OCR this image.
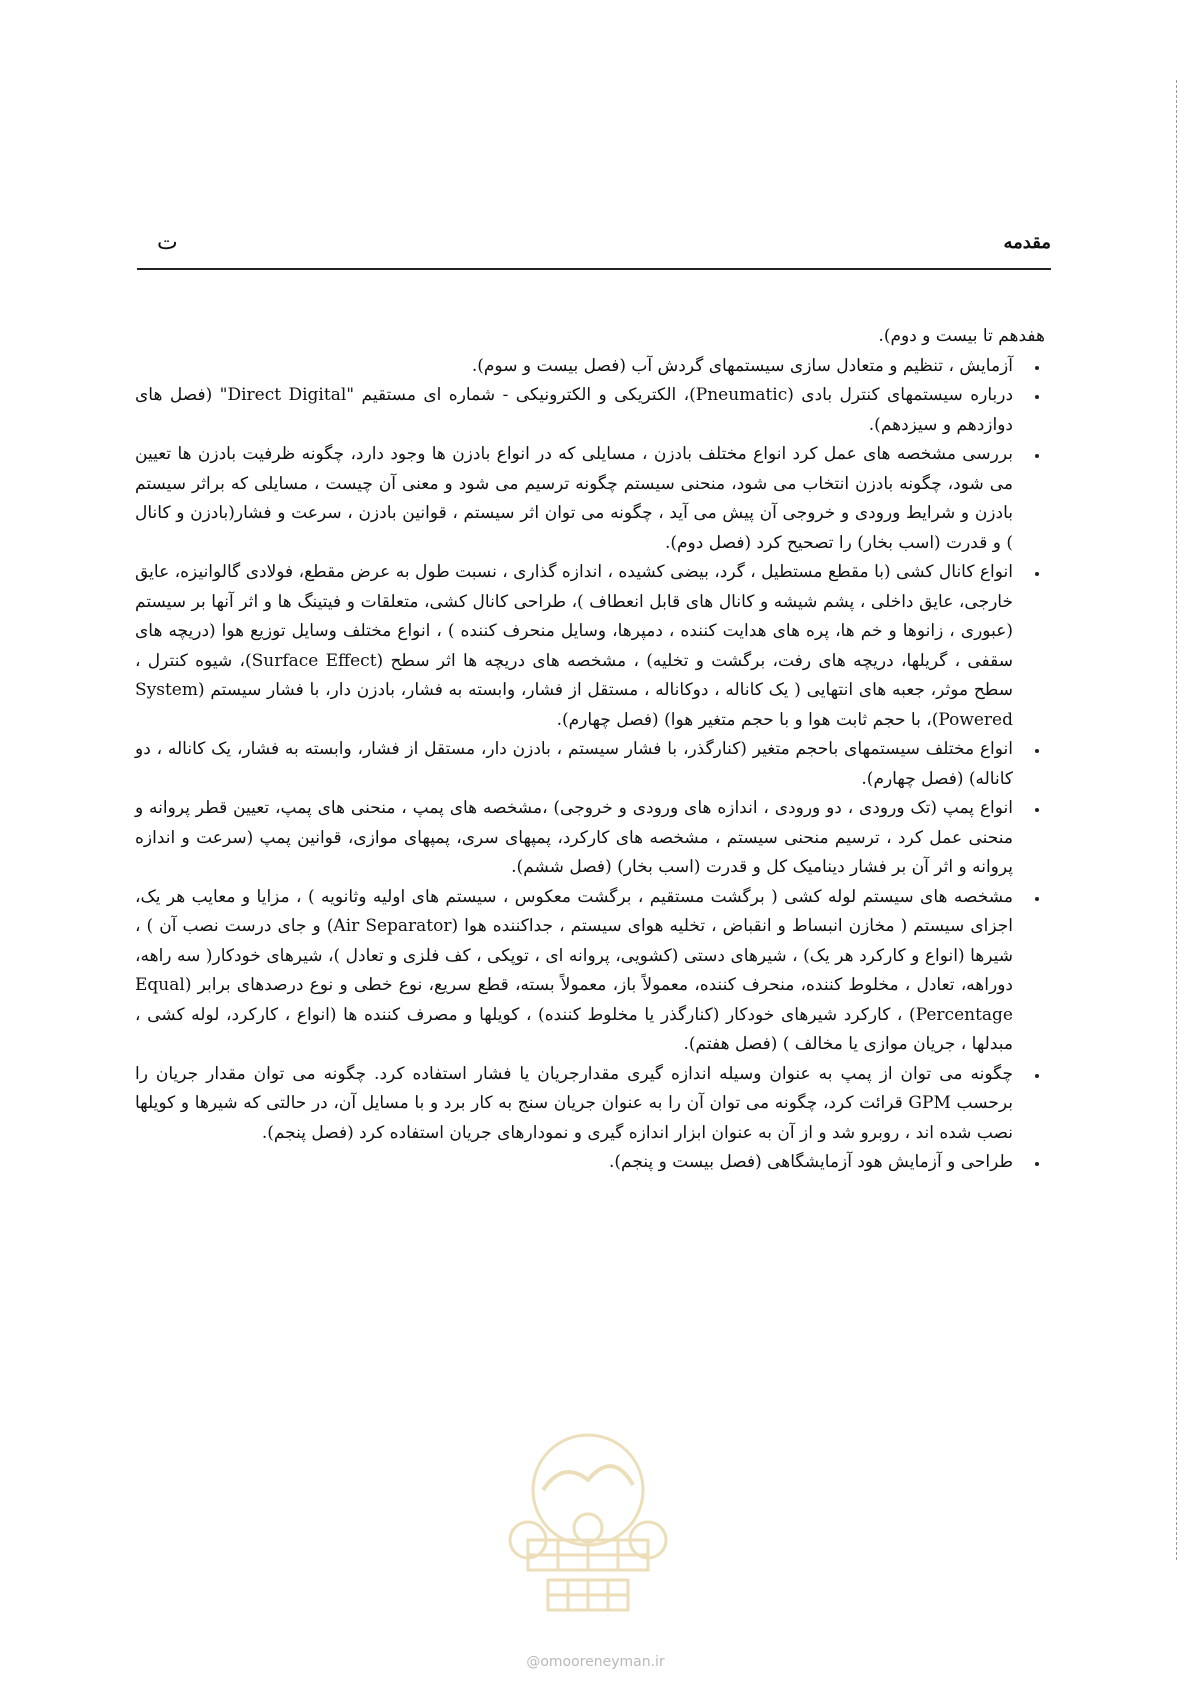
مقدمه
ت

هفدهم تا بیست و دوم).

آزمایش ، تنظیم و متعادل سازی سیستمهای گردش آب (فصل بیست و سوم).
درباره سیستمهای کنترل بادی (Pneumatic)، الکتریکی و الکترونیکی - شماره ای مستقیم "Direct Digital" (فصل های دوازدهم و سیزدهم).
بررسی مشخصه های عمل کرد انواع مختلف بادزن ، مسایلی که در انواع بادزن ها وجود دارد، چگونه ظرفیت بادزن ها تعیین می شود، چگونه بادزن انتخاب می شود، منحنی سیستم چگونه ترسیم می شود و معنی آن چیست ، مسایلی که براثر سیستم بادزن و شرایط ورودی و خروجی آن پیش می آید ، چگونه می توان اثر سیستم ، قوانین بادزن ، سرعت و فشار(بادزن و کانال ) و قدرت (اسب بخار) را تصحیح کرد (فصل دوم).
انواع کانال کشی (با مقطع مستطیل ، گرد، بیضی کشیده ، اندازه گذاری ، نسبت طول به عرض مقطع، فولادی گالوانیزه، عایق خارجی، عایق داخلی ، پشم شیشه و کانال های قابل انعطاف )، طراحی کانال کشی، متعلقات و فیتینگ ها و اثر آنها بر سیستم (عبوری ، زانوها و خم ها، پره های هدایت کننده ، دمپرها، وسایل منحرف کننده ) ، انواع مختلف وسایل توزیع هوا (دریچه های سقفی ، گریلها، دریچه های رفت، برگشت و تخلیه) ، مشخصه های دریچه ها اثر سطح (Surface Effect)، شیوه کنترل ، سطح موثر، جعبه های انتهایی ( یک کاناله ، دوکاناله ، مستقل از فشار، وابسته به فشار، بادزن دار، با فشار سیستم (System Powered)، با حجم ثابت هوا و با حجم متغیر هوا) (فصل چهارم).
انواع مختلف سیستمهای باحجم متغیر (کنارگذر، با فشار سیستم ، بادزن دار، مستقل از فشار، وابسته به فشار، یک کاناله ، دو کاناله) (فصل چهارم).
انواع پمپ (تک ورودی ، دو ورودی ، اندازه های ورودی و خروجی) ،مشخصه های پمپ ، منحنی های پمپ، تعیین قطر پروانه و منحنی عمل کرد ، ترسیم منحنی سیستم ، مشخصه های کارکرد، پمپهای سری، پمپهای موازی، قوانین پمپ (سرعت و اندازه پروانه و اثر آن بر فشار دینامیک کل و قدرت (اسب بخار) (فصل ششم).
مشخصه های سیستم لوله کشی ( برگشت مستقیم ، برگشت معکوس ، سیستم های اولیه وثانویه ) ، مزایا و معایب هر یک، اجزای سیستم ( مخازن انبساط و انقباض ، تخلیه هوای سیستم ، جداکننده هوا (Air Separator) و جای درست نصب آن ) ، شیرها (انواع و کارکرد هر یک) ، شیرهای دستی (کشویی، پروانه ای ، توپکی ، کف فلزی و تعادل )، شیرهای خودکار( سه راهه، دوراهه، تعادل ، مخلوط کننده، منحرف کننده، معمولاً باز، معمولاً بسته، قطع سریع، نوع خطی و نوع درصدهای برابر (Equal Percentage) ، کارکرد شیرهای خودکار (کنارگذر یا مخلوط کننده) ، کویلها و مصرف کننده ها (انواع ، کارکرد، لوله کشی ، مبدلها ، جریان موازی یا مخالف ) (فصل هفتم).
چگونه می توان از پمپ به عنوان وسیله اندازه گیری مقدارجریان یا فشار استفاده کرد. چگونه می توان مقدار جریان را برحسب GPM قرائت کرد، چگونه می توان آن را به عنوان جریان سنج به کار برد و با مسایل آن، در حالتی که شیرها و کویلها نصب شده اند ، روبرو شد و از آن به عنوان ابزار اندازه گیری و نمودارهای جریان استفاده کرد (فصل پنجم).
طراحی و آزمایش هود آزمایشگاهی (فصل بیست و پنجم).
@omooreneyman.ir
